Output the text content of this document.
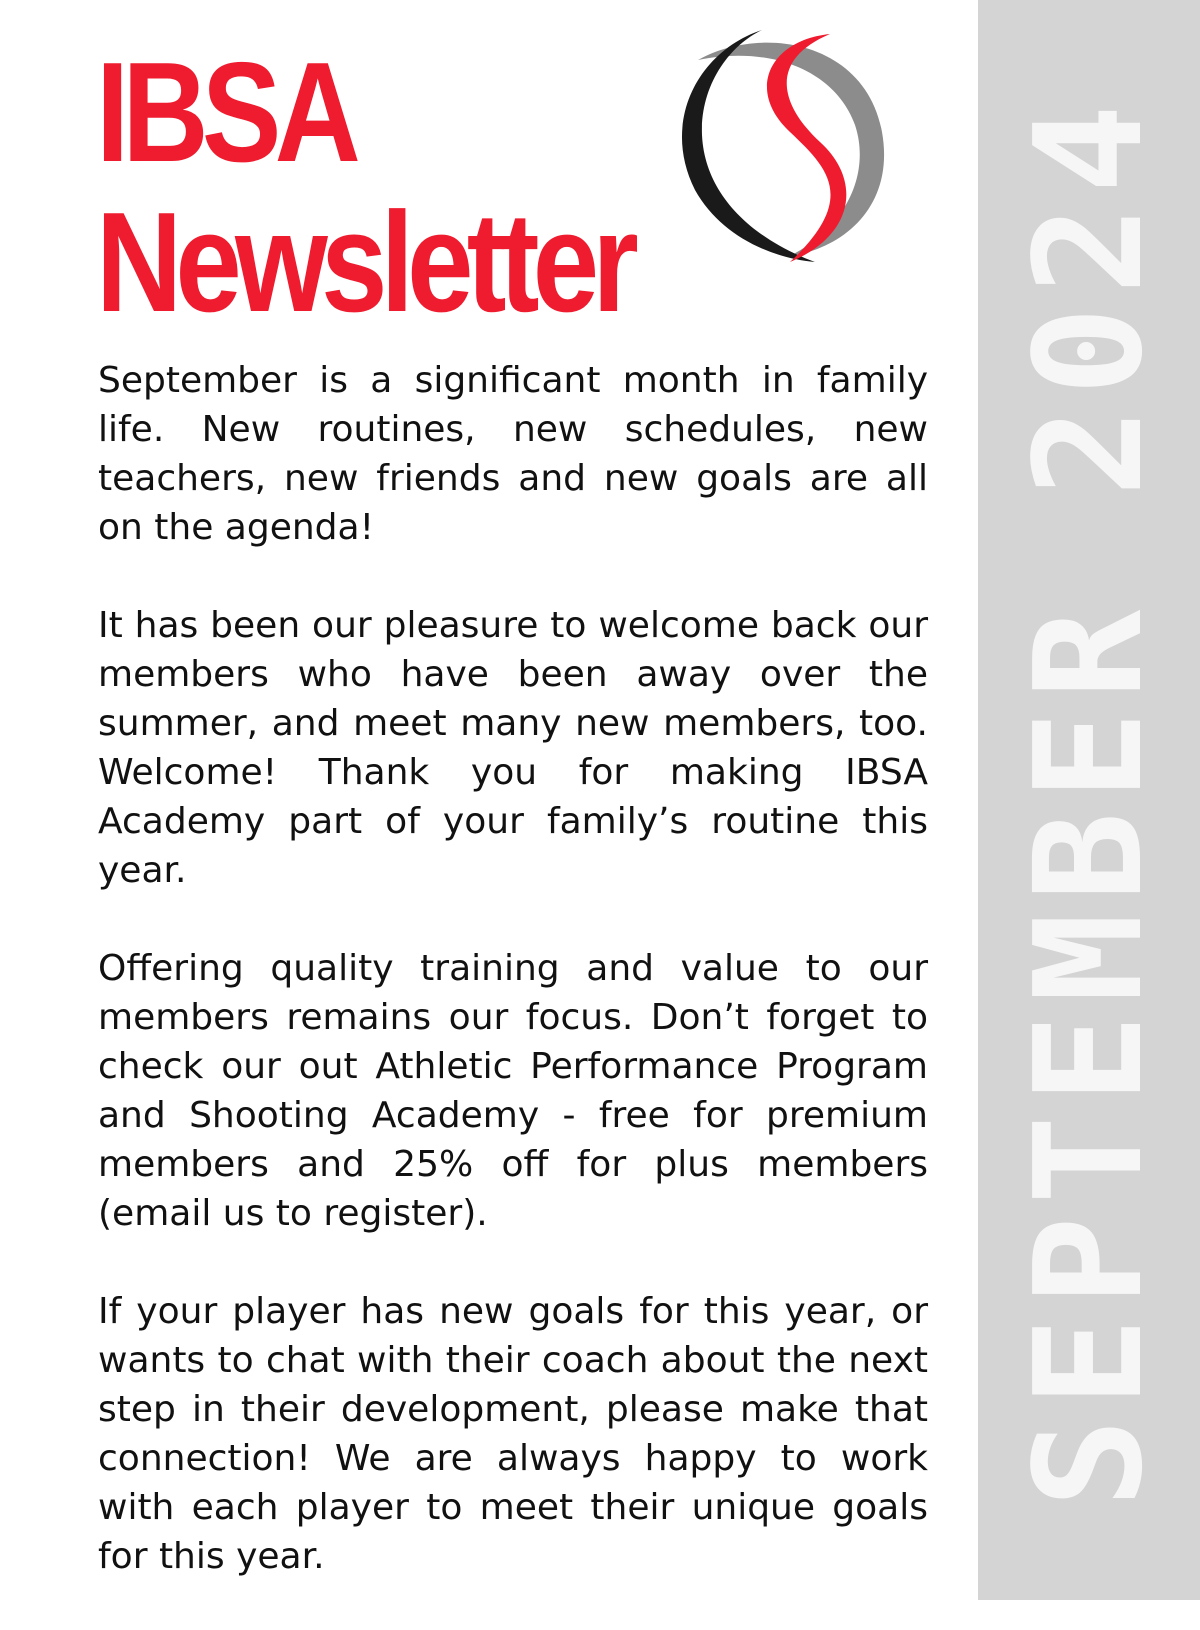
IBSA
Newsletter

September is a significant month in family life. New routines, new schedules, new teachers, new friends and new goals are all on the agenda!

It has been our pleasure to welcome back our members who have been away over the summer, and meet many new members, too. Welcome! Thank you for making IBSA Academy part of your family’s routine this year.

Offering quality training and value to our members remains our focus. Don’t forget to check our out Athletic Performance Program and Shooting Academy - free for premium members and 25% off for plus members (email us to register).

If your player has new goals for this year, or wants to chat with their coach about the next step in their development, please make that connection! We are always happy to work with each player to meet their unique goals for this year.

SEPTEMBER 2024
